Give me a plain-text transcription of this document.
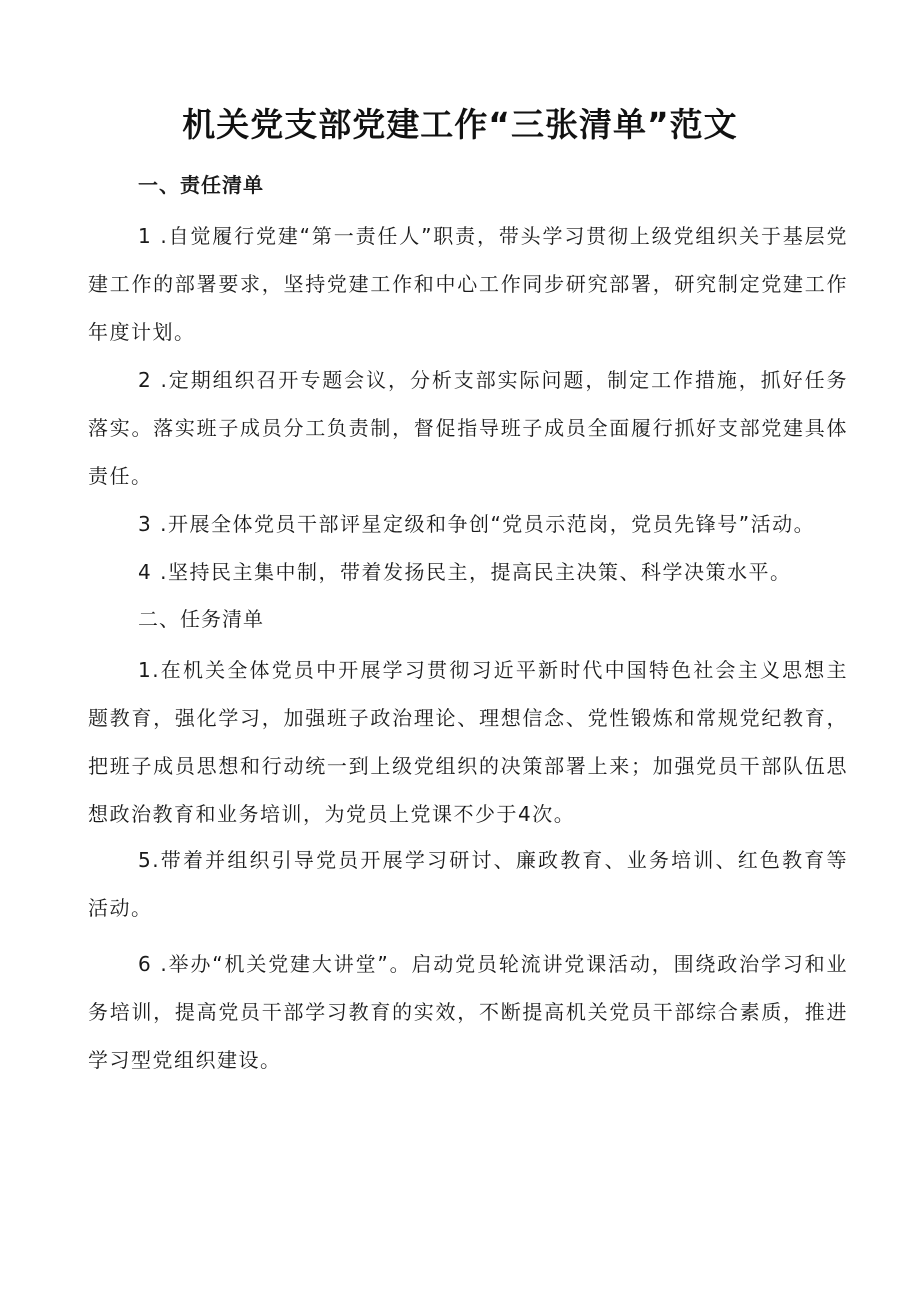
机关党支部党建工作“三张清单”范文
一、责任清单
1 .自觉履行党建“第一责任人”职责，带头学习贯彻上级党组织关于基层党建工作的部署要求，坚持党建工作和中心工作同步研究部署，研究制定党建工作年度计划。
2 .定期组织召开专题会议，分析支部实际问题，制定工作措施，抓好任务落实。落实班子成员分工负责制，督促指导班子成员全面履行抓好支部党建具体责任。
3 .开展全体党员干部评星定级和争创“党员示范岗，党员先锋号”活动。
4 .坚持民主集中制，带着发扬民主，提高民主决策、科学决策水平。
二、任务清单
1.在机关全体党员中开展学习贯彻习近平新时代中国特色社会主义思想主题教育，强化学习，加强班子政治理论、理想信念、党性锻炼和常规党纪教育，把班子成员思想和行动统一到上级党组织的决策部署上来；加强党员干部队伍思想政治教育和业务培训，为党员上党课不少于4次。
5.带着并组织引导党员开展学习研讨、廉政教育、业务培训、红色教育等活动。
6 .举办“机关党建大讲堂”。启动党员轮流讲党课活动，围绕政治学习和业务培训，提高党员干部学习教育的实效，不断提高机关党员干部综合素质，推进学习型党组织建设。
